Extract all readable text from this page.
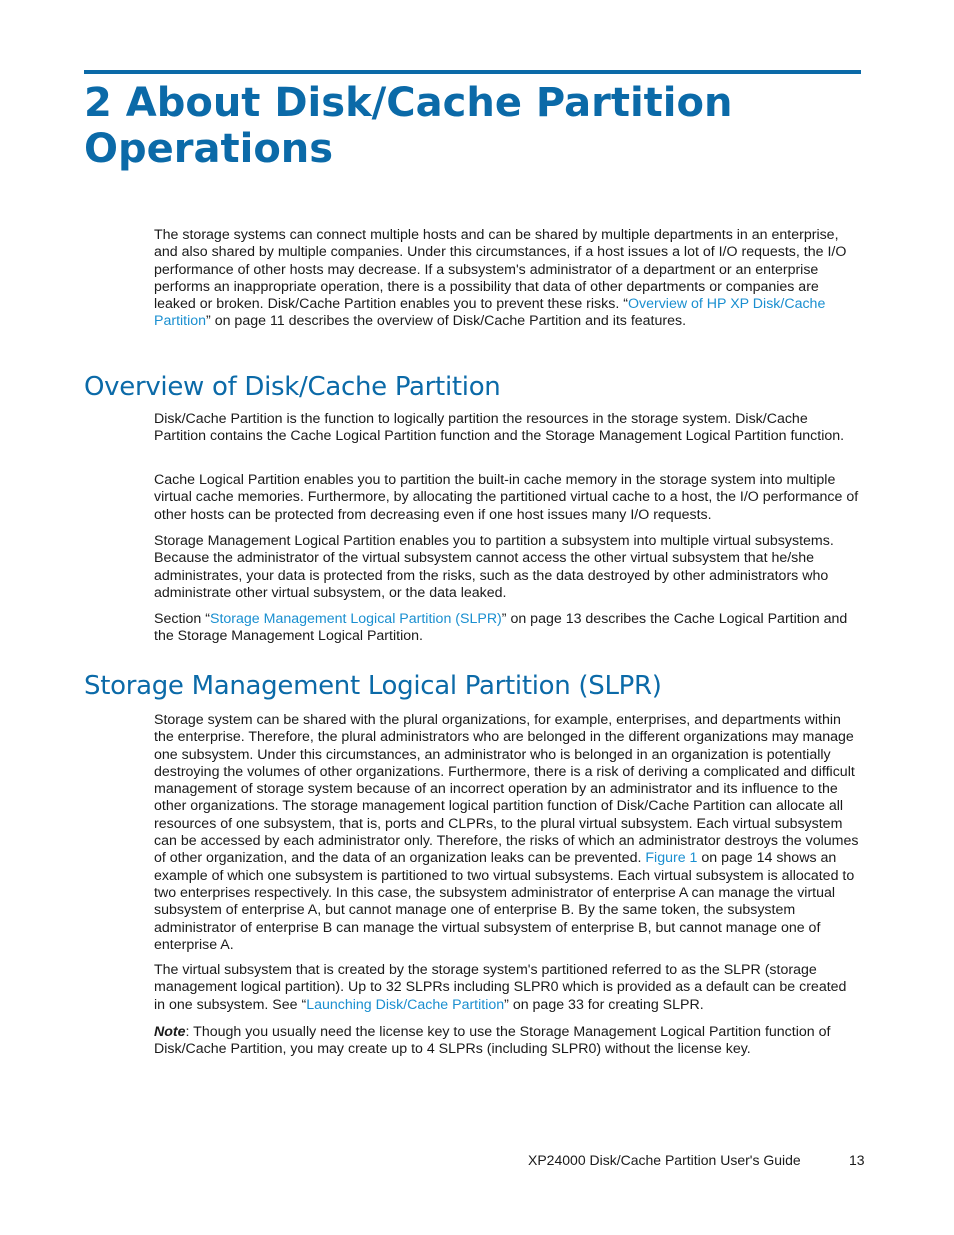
2 About Disk/Cache Partition Operations

The storage systems can connect multiple hosts and can be shared by multiple departments in an enterprise, and also shared by multiple companies. Under this circumstances, if a host issues a lot of I/O requests, the I/O performance of other hosts may decrease. If a subsystem's administrator of a department or an enterprise performs an inappropriate operation, there is a possibility that data of other departments or companies are leaked or broken. Disk/Cache Partition enables you to prevent these risks. “Overview of HP XP Disk/Cache Partition” on page 11 describes the overview of Disk/Cache Partition and its features.

Overview of Disk/Cache Partition

Disk/Cache Partition is the function to logically partition the resources in the storage system. Disk/Cache Partition contains the Cache Logical Partition function and the Storage Management Logical Partition function.

Cache Logical Partition enables you to partition the built-in cache memory in the storage system into multiple virtual cache memories. Furthermore, by allocating the partitioned virtual cache to a host, the I/O performance of other hosts can be protected from decreasing even if one host issues many I/O requests.

Storage Management Logical Partition enables you to partition a subsystem into multiple virtual subsystems. Because the administrator of the virtual subsystem cannot access the other virtual subsystem that he/she administrates, your data is protected from the risks, such as the data destroyed by other administrators who administrate other virtual subsystem, or the data leaked.

Section “Storage Management Logical Partition (SLPR)” on page 13 describes the Cache Logical Partition and the Storage Management Logical Partition.

Storage Management Logical Partition (SLPR)

Storage system can be shared with the plural organizations, for example, enterprises, and departments within the enterprise. Therefore, the plural administrators who are belonged in the different organizations may manage one subsystem. Under this circumstances, an administrator who is belonged in an organization is potentially destroying the volumes of other organizations. Furthermore, there is a risk of deriving a complicated and difficult management of storage system because of an incorrect operation by an administrator and its influence to the other organizations. The storage management logical partition function of Disk/Cache Partition can allocate all resources of one subsystem, that is, ports and CLPRs, to the plural virtual subsystem. Each virtual subsystem can be accessed by each administrator only. Therefore, the risks of which an administrator destroys the volumes of other organization, and the data of an organization leaks can be prevented. Figure 1 on page 14 shows an example of which one subsystem is partitioned to two virtual subsystems. Each virtual subsystem is allocated to two enterprises respectively. In this case, the subsystem administrator of enterprise A can manage the virtual subsystem of enterprise A, but cannot manage one of enterprise B. By the same token, the subsystem administrator of enterprise B can manage the virtual subsystem of enterprise B, but cannot manage one of enterprise A.

The virtual subsystem that is created by the storage system's partitioned referred to as the SLPR (storage management logical partition). Up to 32 SLPRs including SLPR0 which is provided as a default can be created in one subsystem. See “Launching Disk/Cache Partition” on page 33 for creating SLPR.

Note: Though you usually need the license key to use the Storage Management Logical Partition function of Disk/Cache Partition, you may create up to 4 SLPRs (including SLPR0) without the license key.

XP24000 Disk/Cache Partition User's Guide	13
